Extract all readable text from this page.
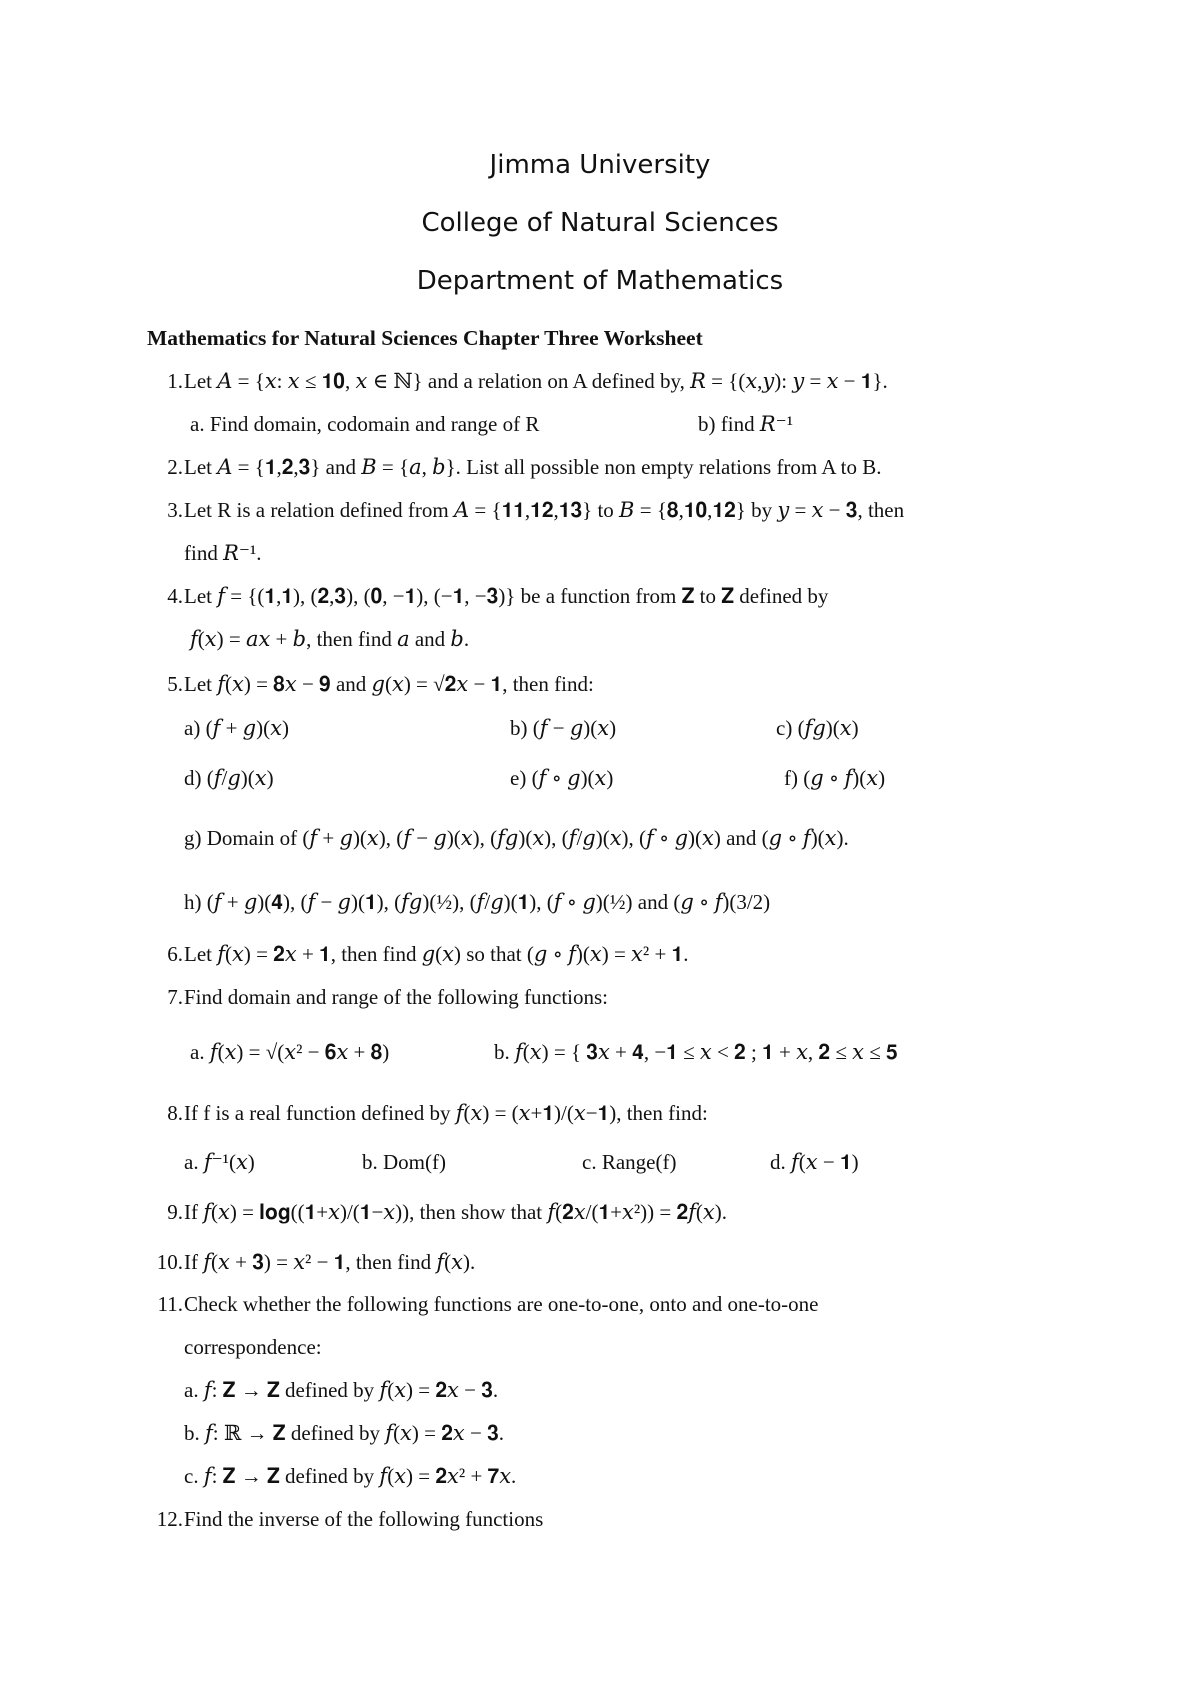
Jimma University
College of Natural Sciences
Department of Mathematics
Mathematics for Natural Sciences Chapter Three Worksheet
1. Let 𝐴 = {𝑥: 𝑥 ≤ 𝟏𝟎, 𝑥 ∈ ℕ} and a relation on A defined by, 𝑅 = {(𝑥,𝑦): 𝑦 = 𝑥 − 𝟏}.
a. Find domain, codomain and range of R	b) find 𝑅⁻¹
2. Let 𝐴 = {𝟏,𝟐,𝟑} and 𝐵 = {𝑎, 𝑏}. List all possible non empty relations from A to B.
3. Let R is a relation defined from 𝐴 = {𝟏𝟏,𝟏𝟐,𝟏𝟑} to 𝐵 = {𝟖,𝟏𝟎,𝟏𝟐} by 𝑦 = 𝑥 − 𝟑, then
find 𝑅⁻¹.
4. Let 𝑓 = {(𝟏,𝟏), (𝟐,𝟑), (𝟎, −𝟏), (−𝟏, −𝟑)} be a function from 𝐙 to 𝐙 defined by
𝑓(𝑥) = 𝑎𝑥 + 𝑏, then find 𝑎 and 𝑏.
5. Let 𝑓(𝑥) = 𝟖𝑥 − 𝟗 and 𝑔(𝑥) = √𝟐𝑥 − 𝟏, then find:
a) (𝑓 + 𝑔)(𝑥)	b) (𝑓 − 𝑔)(𝑥)	c) (𝑓𝑔)(𝑥)
d) (𝑓/𝑔)(𝑥)	e) (𝑓 ∘ 𝑔)(𝑥)	f) (𝑔 ∘ 𝑓)(𝑥)
g) Domain of (𝑓 + 𝑔)(𝑥), (𝑓 − 𝑔)(𝑥), (𝑓𝑔)(𝑥), (𝑓/𝑔)(𝑥), (𝑓 ∘ 𝑔)(𝑥) and (𝑔 ∘ 𝑓)(𝑥).
h) (𝑓 + 𝑔)(𝟒), (𝑓 − 𝑔)(𝟏), (𝑓𝑔)(½), (𝑓/𝑔)(𝟏), (𝑓 ∘ 𝑔)(½) and (𝑔 ∘ 𝑓)(3/2)
6. Let 𝑓(𝑥) = 𝟐𝑥 + 𝟏, then find 𝑔(𝑥) so that (𝑔 ∘ 𝑓)(𝑥) = 𝑥² + 𝟏.
7. Find domain and range of the following functions:
a. 𝑓(𝑥) = √(𝑥² − 𝟔𝑥 + 𝟖)	b. 𝑓(𝑥) = { 𝟑𝑥 + 𝟒, −𝟏 ≤ 𝑥 < 𝟐 ; 𝟏 + 𝑥, 𝟐 ≤ 𝑥 ≤ 𝟓
8. If f is a real function defined by 𝑓(𝑥) = (𝑥+𝟏)/(𝑥−𝟏), then find:
a. 𝑓⁻¹(𝑥)	b. Dom(f)	c. Range(f)	d. 𝑓(𝑥 − 𝟏)
9. If 𝑓(𝑥) = 𝐥𝐨𝐠((𝟏+𝑥)/(𝟏−𝑥)), then show that 𝑓(𝟐𝑥/(𝟏+𝑥²)) = 𝟐𝑓(𝑥).
10. If 𝑓(𝑥 + 𝟑) = 𝑥² − 𝟏, then find 𝑓(𝑥).
11. Check whether the following functions are one-to-one, onto and one-to-one
correspondence:
a. 𝑓: 𝐙 → 𝐙 defined by 𝑓(𝑥) = 𝟐𝑥 − 𝟑.
b. 𝑓: ℝ → 𝐙 defined by 𝑓(𝑥) = 𝟐𝑥 − 𝟑.
c. 𝑓: 𝐙 → 𝐙 defined by 𝑓(𝑥) = 𝟐𝑥² + 𝟕𝑥.
12. Find the inverse of the following functions
